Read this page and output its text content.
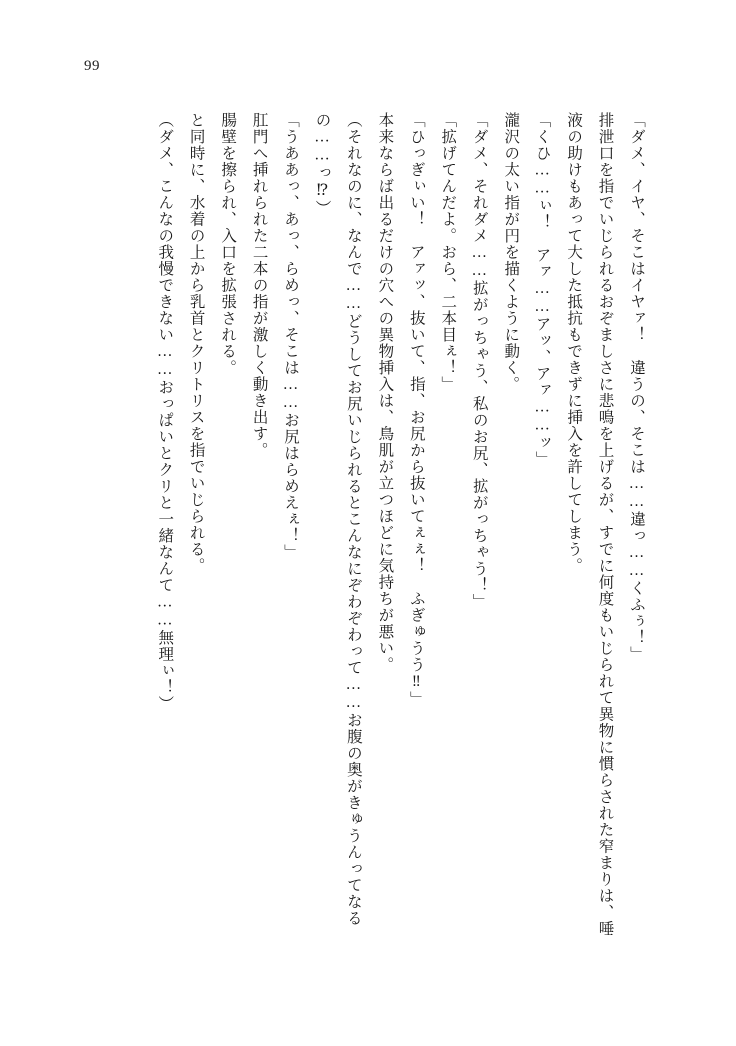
99

「ダメ、イヤ、そこはイヤァ！　違うの、そこは……違っ……くふぅ！」

排泄口を指でいじられるおぞましさに悲鳴を上げるが、すでに何度もいじられて異物に慣らされた窄まりは、唾液の助けもあって大した抵抗もできずに挿入を許してしまう。

「くひ……ぃ！　アァ……アッ、アァ……ッ」

瀧沢の太い指が円を描くように動く。

「ダメ、それダメ……拡がっちゃう、私のお尻、拡がっちゃう！」

「拡げてんだよ。おら、二本目ぇ！」

「ひっぎぃい！　アァッ、抜いて、指、お尻から抜いてぇぇ！　ふぎゅうう‼」

本来ならば出るだけの穴への異物挿入は、鳥肌が立つほどに気持ちが悪い。

（それなのに、なんで……どうしてお尻いじられるとこんなにぞわぞわって……お腹の奥がきゅうんってなるの……っ⁉）

「うああっ、あっ、らめっ、そこは……お尻はらめえぇ！」

肛門へ挿れられた二本の指が激しく動き出す。

腸壁を擦られ、入口を拡張される。

と同時に、水着の上から乳首とクリトリスを指でいじられる。

（ダメ、こんなの我慢できない……おっぱいとクリと一緒なんて……無理ぃ！）
